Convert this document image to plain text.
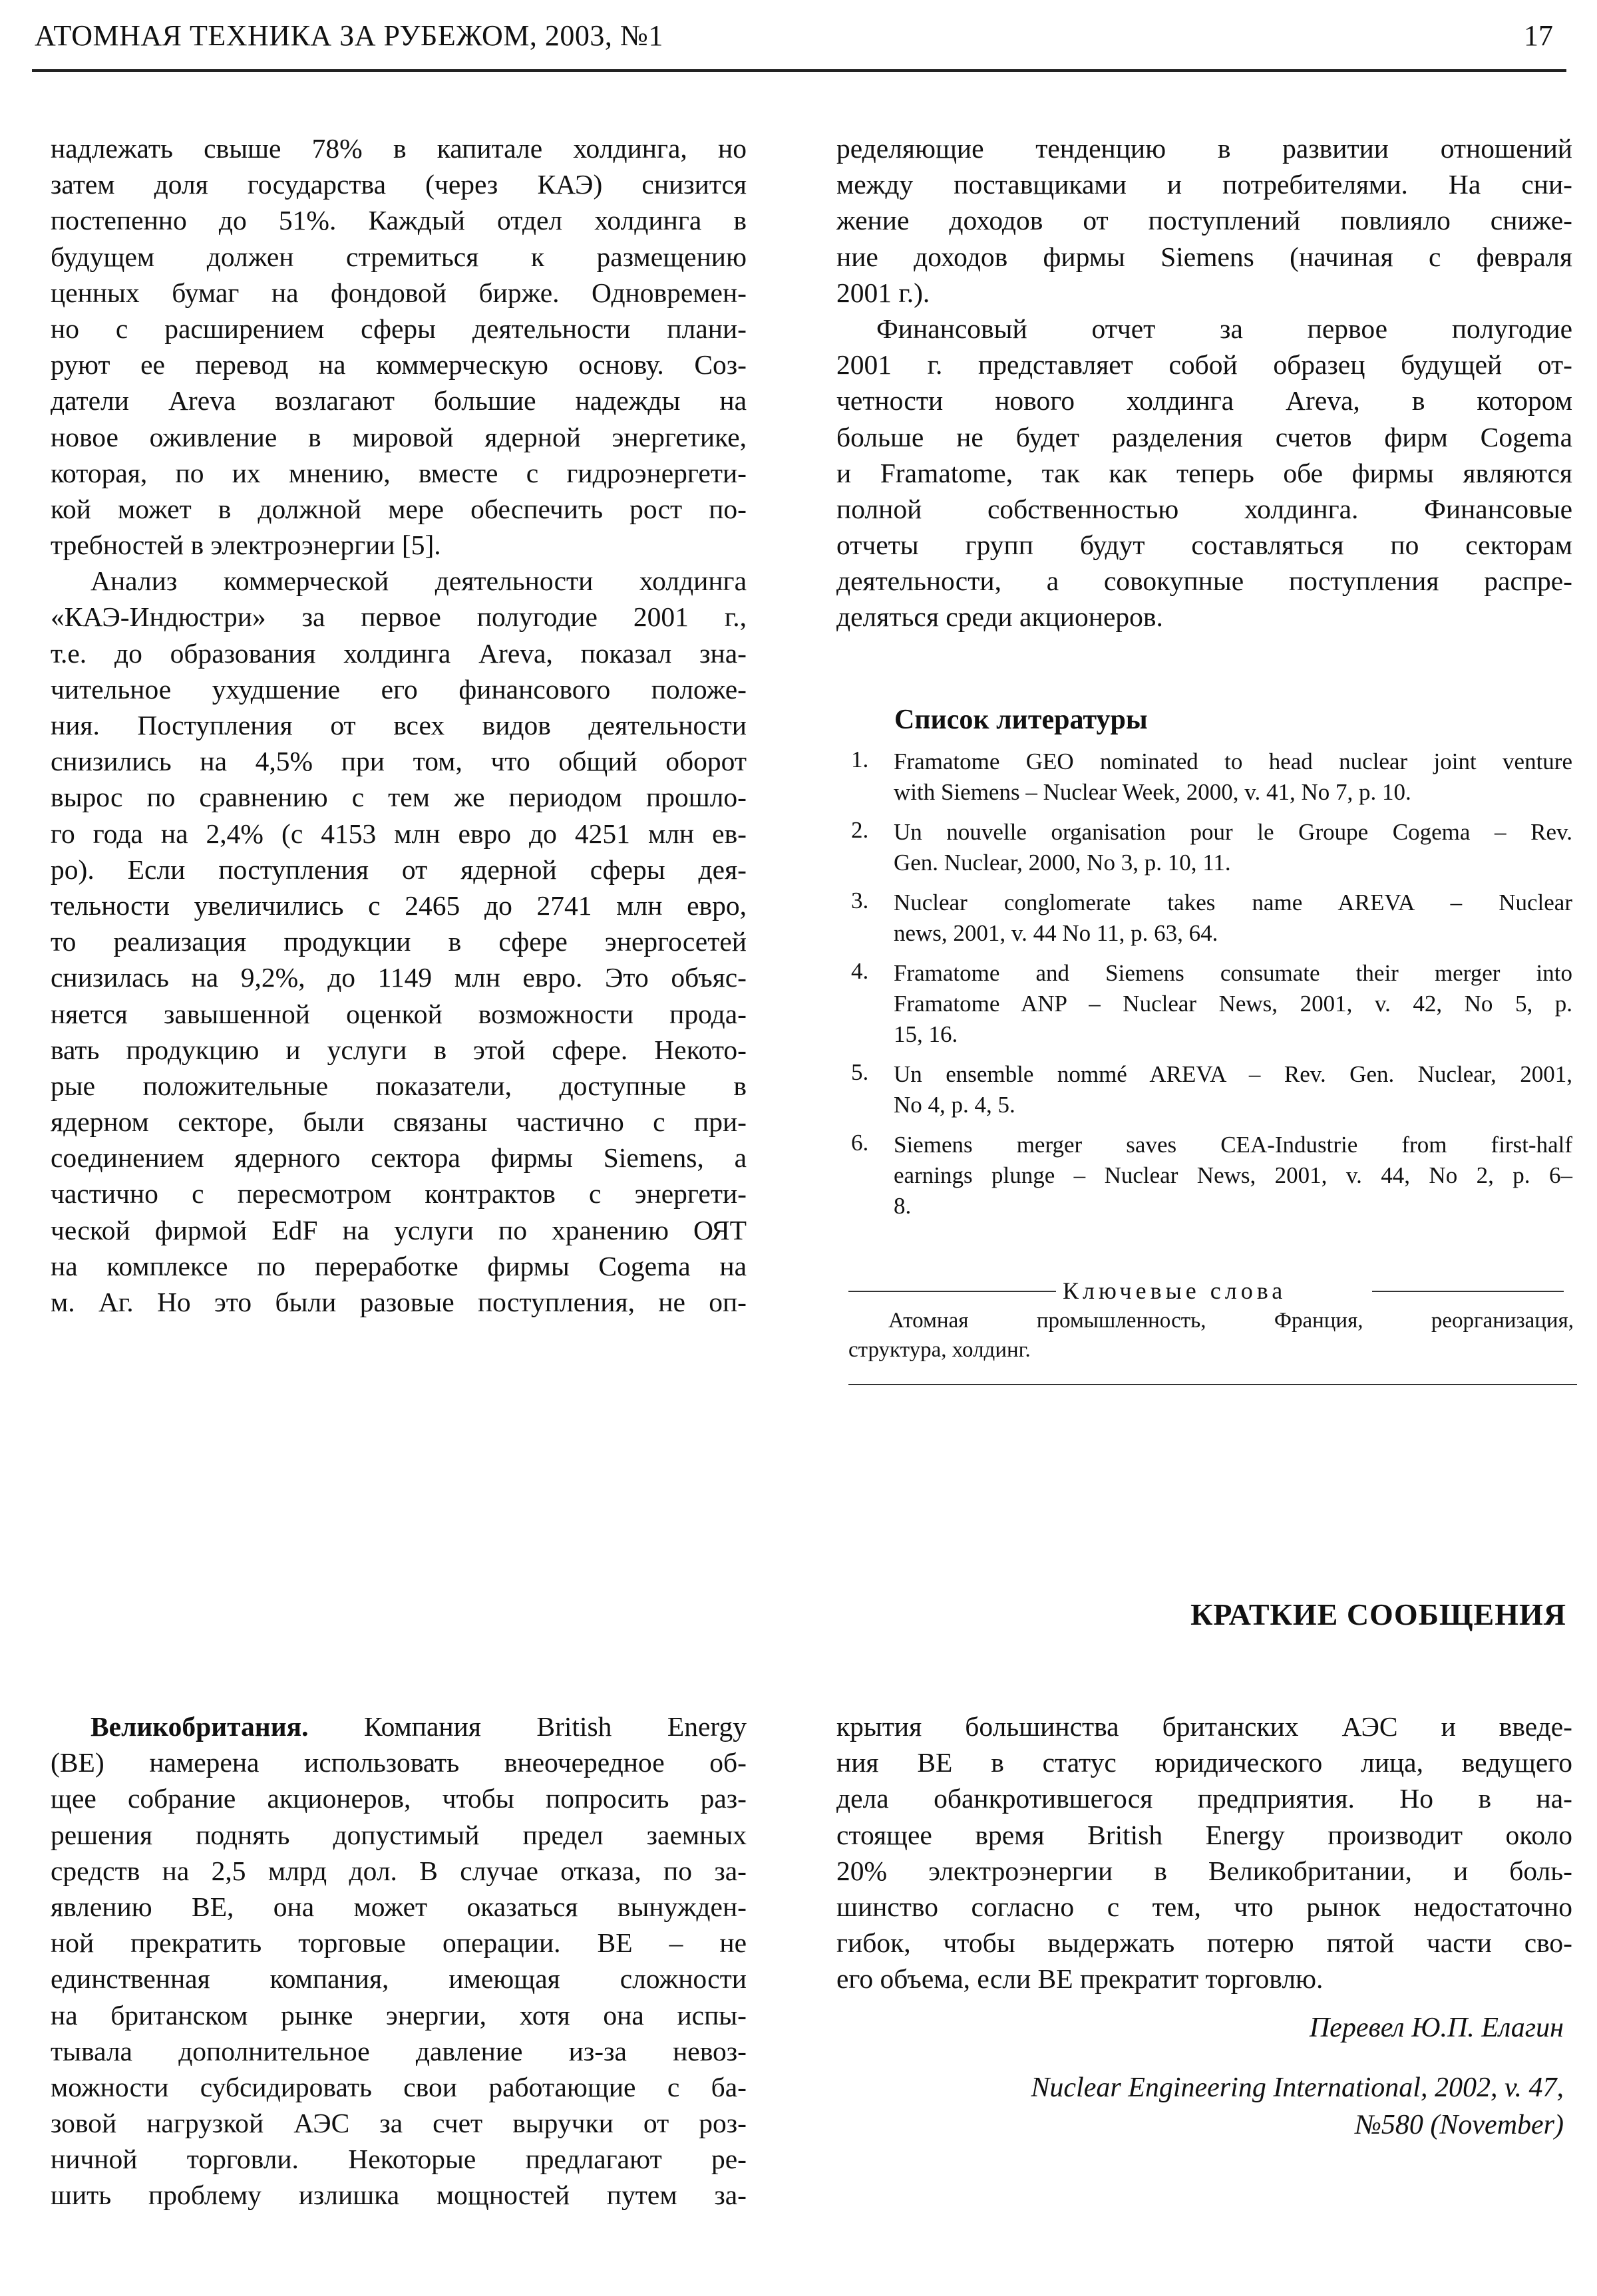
АТОМНАЯ ТЕХНИКА ЗА РУБЕЖОМ, 2003, №1	17
надлежать свыше 78% в капитале холдинга, но
затем доля государства (через КАЭ) снизится
постепенно до 51%. Каждый отдел холдинга в
будущем должен стремиться к размещению
ценных бумаг на фондовой бирже. Одновремен-
но с расширением сферы деятельности плани-
руют ее перевод на коммерческую основу. Соз-
датели Areva возлагают большие надежды на
новое оживление в мировой ядерной энергетике,
которая, по их мнению, вместе с гидроэнергети-
кой может в должной мере обеспечить рост по-
требностей в электроэнергии [5].
Анализ коммерческой деятельности холдинга
«КАЭ-Индюстри» за первое полугодие 2001 г.,
т.е. до образования холдинга Areva, показал зна-
чительное ухудшение его финансового положе-
ния. Поступления от всех видов деятельности
снизились на 4,5% при том, что общий оборот
вырос по сравнению с тем же периодом прошло-
го года на 2,4% (с 4153 млн евро до 4251 млн ев-
ро). Если поступления от ядерной сферы дея-
тельности увеличились с 2465 до 2741 млн евро,
то реализация продукции в сфере энергосетей
снизилась на 9,2%, до 1149 млн евро. Это объяс-
няется завышенной оценкой возможности прода-
вать продукцию и услуги в этой сфере. Некото-
рые положительные показатели, доступные в
ядерном секторе, были связаны частично с при-
соединением ядерного сектора фирмы Siemens, а
частично с пересмотром контрактов с энергети-
ческой фирмой EdF на услуги по хранению ОЯТ
на комплексе по переработке фирмы Cogema на
м. Аг. Но это были разовые поступления, не оп-
ределяющие тенденцию в развитии отношений
между поставщиками и потребителями. На сни-
жение доходов от поступлений повлияло сниже-
ние доходов фирмы Siemens (начиная с февраля
2001 г.).
Финансовый отчет за первое полугодие
2001 г. представляет собой образец будущей от-
четности нового холдинга Areva, в котором
больше не будет разделения счетов фирм Cogema
и Framatome, так как теперь обе фирмы являются
полной собственностью холдинга. Финансовые
отчеты групп будут составляться по секторам
деятельности, а совокупные поступления распре-
деляться среди акционеров.
Список литературы
1. Framatome GEO nominated to head nuclear joint venture
with Siemens – Nuclear Week, 2000, v. 41, No 7, p. 10.
2. Un nouvelle organisation pour le Groupe Cogema – Rev.
Gen. Nuclear, 2000, No 3, p. 10, 11.
3. Nuclear conglomerate takes name AREVA – Nuclear
news, 2001, v. 44 No 11, p. 63, 64.
4. Framatome and Siemens consumate their merger into
Framatome ANP – Nuclear News, 2001, v. 42, No 5, p.
15, 16.
5. Un ensemble nommé AREVA – Rev. Gen. Nuclear, 2001,
No 4, p. 4, 5.
6. Siemens merger saves CEA-Industrie from first-half
earnings plunge – Nuclear News, 2001, v. 44, No 2, p. 6–
8.
Ключевые слова
Атомная промышленность, Франция, реорганизация,
структура, холдинг.
КРАТКИЕ СООБЩЕНИЯ
Великобритания. Компания British Energy
(ВЕ) намерена использовать внеочередное об-
щее собрание акционеров, чтобы попросить раз-
решения поднять допустимый предел заемных
средств на 2,5 млрд дол. В случае отказа, по за-
явлению ВЕ, она может оказаться вынужден-
ной прекратить торговые операции. ВЕ – не
единственная компания, имеющая сложности
на британском рынке энергии, хотя она испы-
тывала дополнительное давление из-за невоз-
можности субсидировать свои работающие с ба-
зовой нагрузкой АЭС за счет выручки от роз-
ничной торговли. Некоторые предлагают ре-
шить проблему излишка мощностей путем за-
крытия большинства британских АЭС и введе-
ния ВЕ в статус юридического лица, ведущего
дела обанкротившегося предприятия. Но в на-
стоящее время British Energy производит около
20% электроэнергии в Великобритании, и боль-
шинство согласно с тем, что рынок недостаточно
гибок, чтобы выдержать потерю пятой части сво-
его объема, если ВЕ прекратит торговлю.
Перевел Ю.П. Елагин
Nuclear Engineering International, 2002, v. 47,
№580 (November)
